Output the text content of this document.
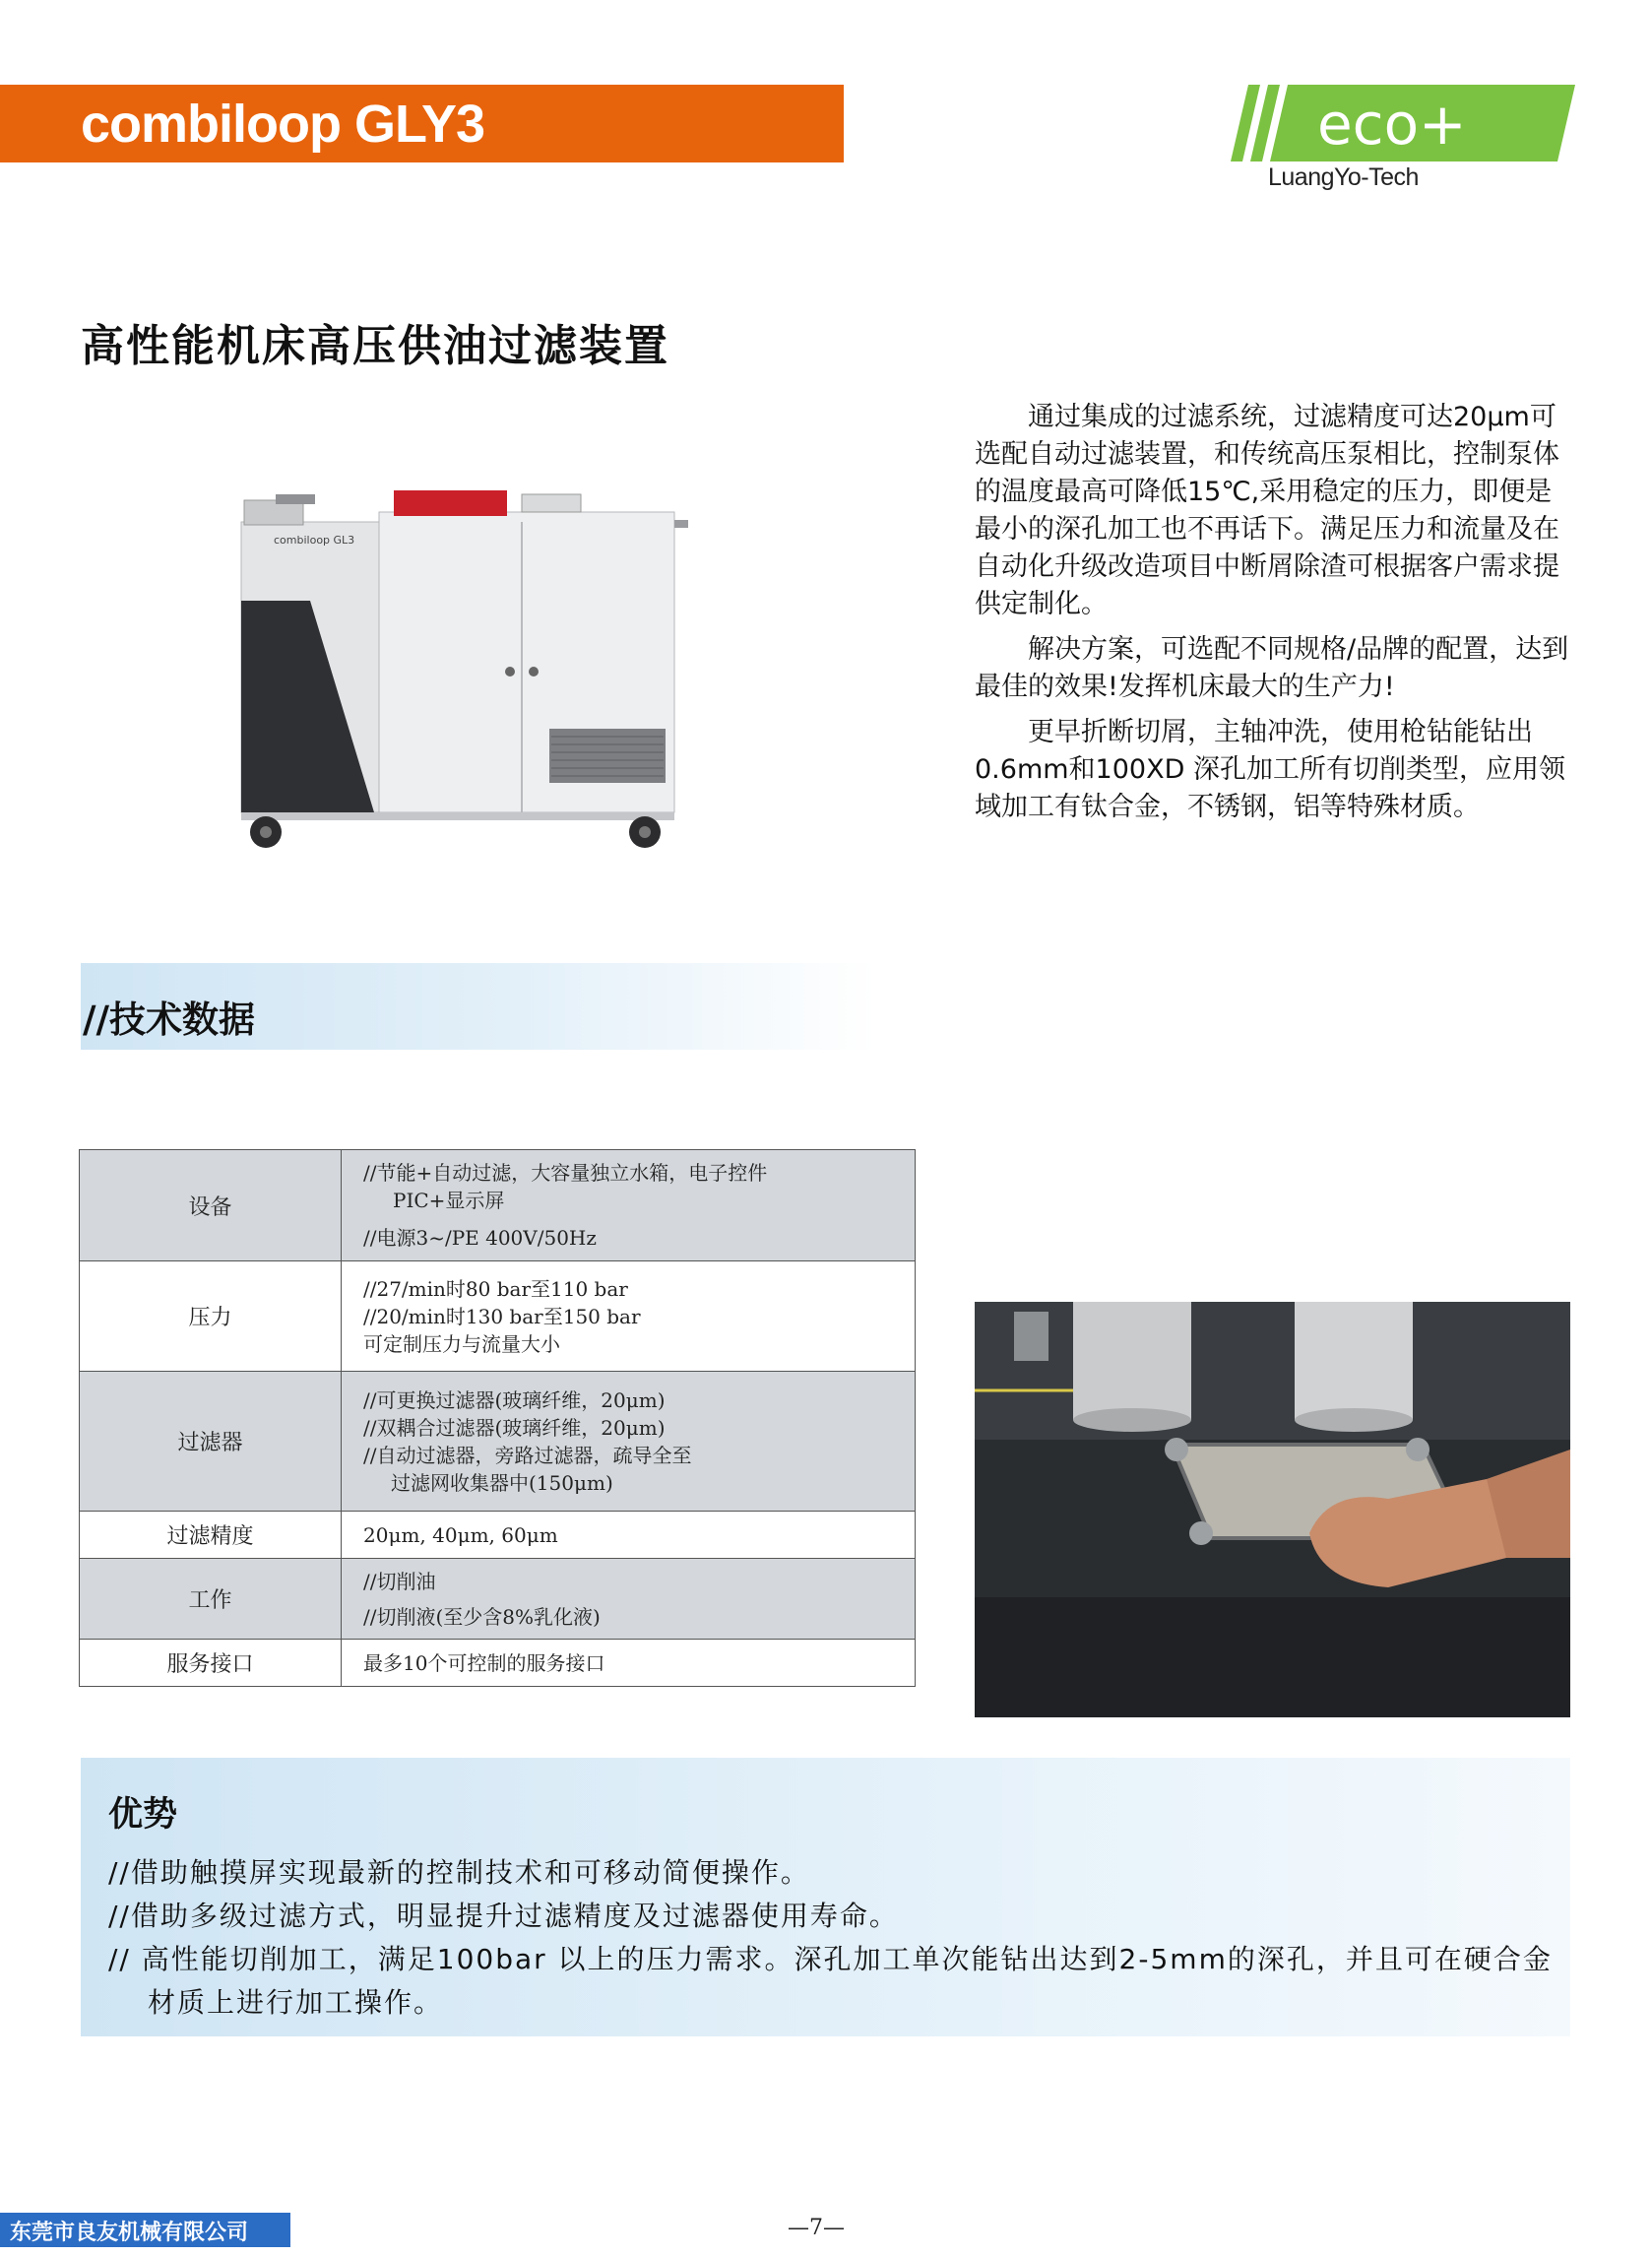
combiloop GLY3	eco+
LuangYo-Tech
高性能机床高压供油过滤装置
combiloop GL3

通过集成的过滤系统，过滤精度可达20μm可选配自动过滤装置，和传统高压泵相比，控制泵体的温度最高可降低15℃,采用稳定的压力，即便是最小的深孔加工也不再话下。满足压力和流量及在自动化升级改造项目中断屑除渣可根据客户需求提供定制化。

解决方案，可选配不同规格/品牌的配置，达到最佳的效果!发挥机床最大的生产力!

更早折断切屑，主轴冲洗，使用枪钻能钻出0.6mm和100XD 深孔加工所有切削类型，应用领域加工有钛合金，不锈钢，铝等特殊材质。

//技术数据
设备	//节能+自动过滤，大容量独立水箱，电子控件
PIC+显示屏
//电源3~/PE 400V/50Hz

压力	//27/min时80 bar至110 bar
//20/min时130 bar至150 bar
可定制压力与流量大小

过滤器	//可更换过滤器(玻璃纤维，20μm)
//双耦合过滤器(玻璃纤维，20μm)
//自动过滤器，旁路过滤器，疏导全至
过滤网收集器中(150μm)

过滤精度	20μm, 40μm, 60μm

工作	//切削油
//切削液(至少含8%乳化液)

服务接口	最多10个可控制的服务接口
优势
//借助触摸屏实现最新的控制技术和可移动简便操作。
//借助多级过滤方式，明显提升过滤精度及过滤器使用寿命。
// 高性能切削加工，满足100bar 以上的压力需求。深孔加工单次能钻出达到2-5mm的深孔，并且可在硬合金材质上进行加工操作。
东莞市良友机械有限公司	—7—
